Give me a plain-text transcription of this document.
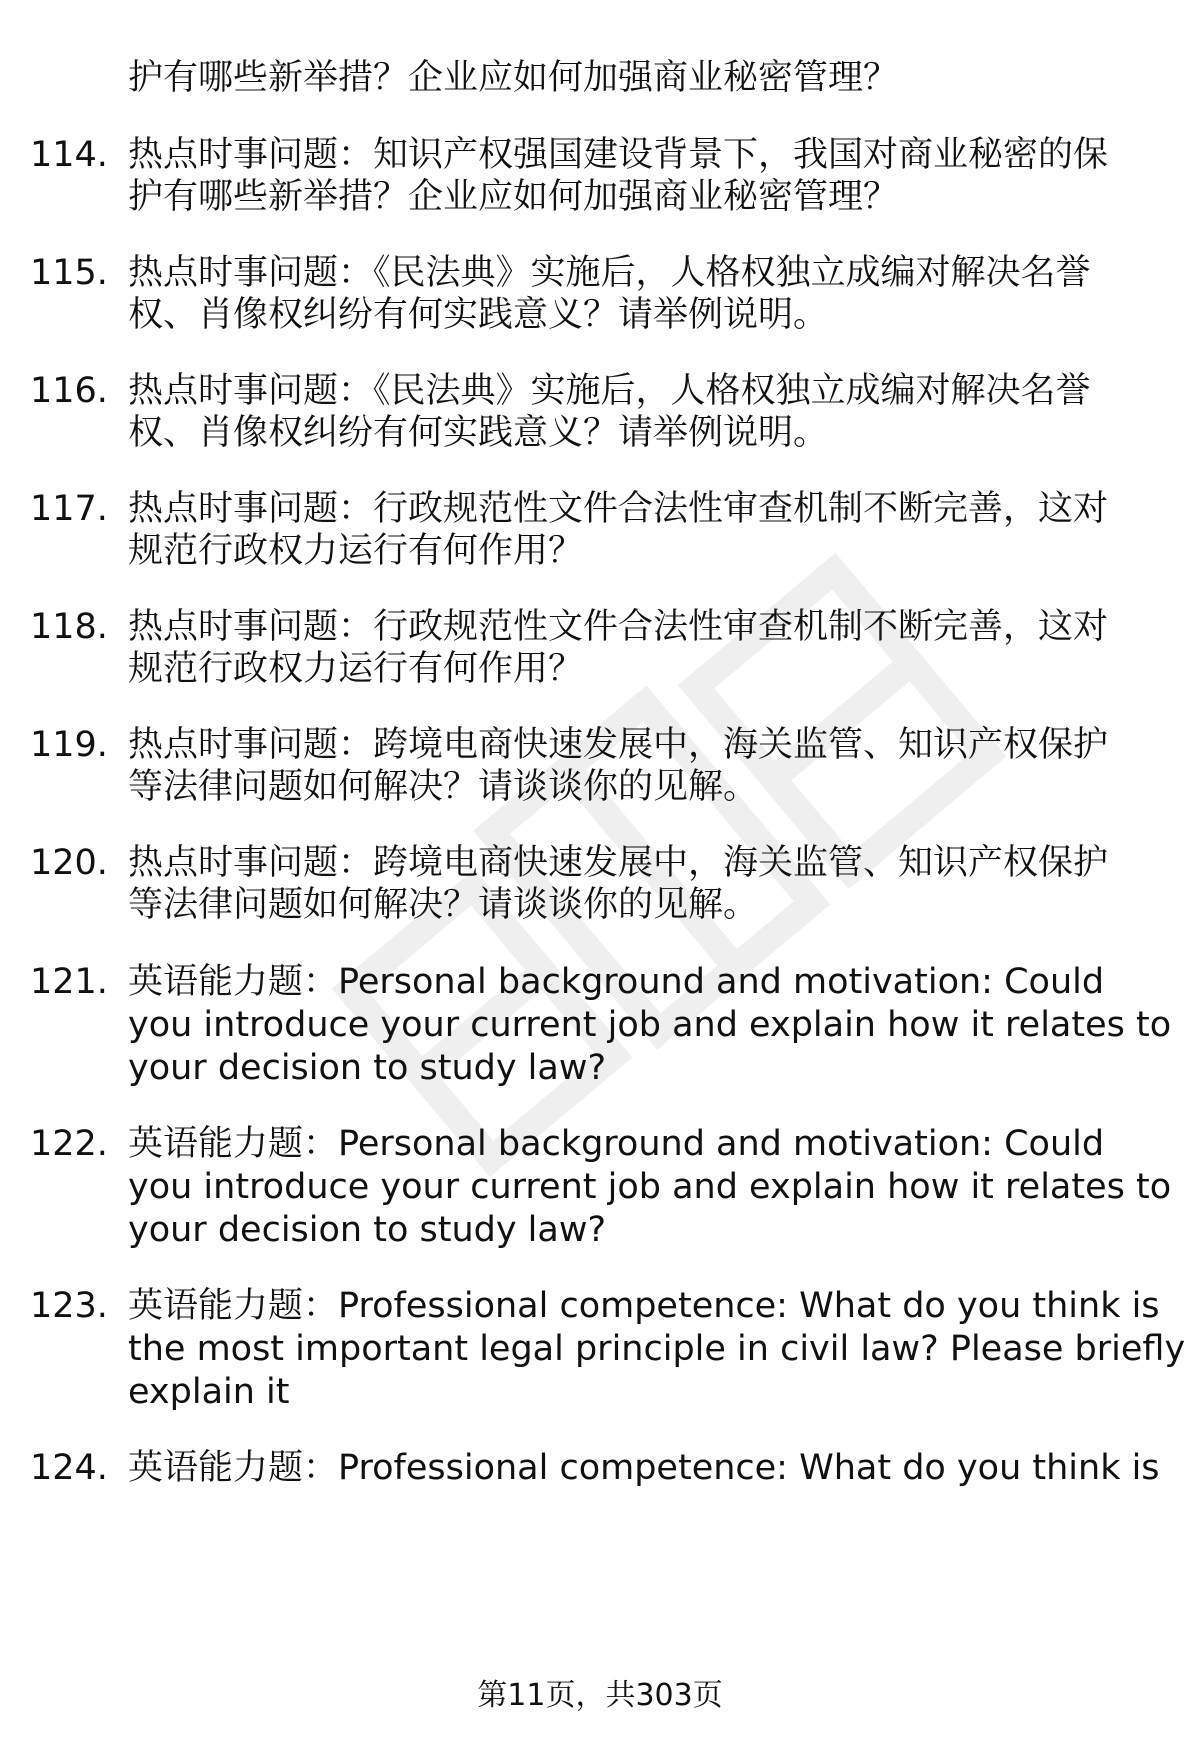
护有哪些新举措？企业应如何加强商业秘密管理？
114. 热点时事问题：知识产权强国建设背景下，我国对商业秘密的保
护有哪些新举措？企业应如何加强商业秘密管理？
115. 热点时事问题：《民法典》实施后，人格权独立成编对解决名誉
权、肖像权纠纷有何实践意义？请举例说明。
116. 热点时事问题：《民法典》实施后，人格权独立成编对解决名誉
权、肖像权纠纷有何实践意义？请举例说明。
117. 热点时事问题：行政规范性文件合法性审查机制不断完善，这对
规范行政权力运行有何作用？
118. 热点时事问题：行政规范性文件合法性审查机制不断完善，这对
规范行政权力运行有何作用？
119. 热点时事问题：跨境电商快速发展中，海关监管、知识产权保护
等法律问题如何解决？请谈谈你的见解。
120. 热点时事问题：跨境电商快速发展中，海关监管、知识产权保护
等法律问题如何解决？请谈谈你的见解。
121. 英语能力题：Personal background and motivation: Could
you introduce your current job and explain how it relates to
your decision to study law?
122. 英语能力题：Personal background and motivation: Could
you introduce your current job and explain how it relates to
your decision to study law?
123. 英语能力题：Professional competence: What do you think is
the most important legal principle in civil law? Please briefly
explain it
124. 英语能力题：Professional competence: What do you think is
第11页，共303页
